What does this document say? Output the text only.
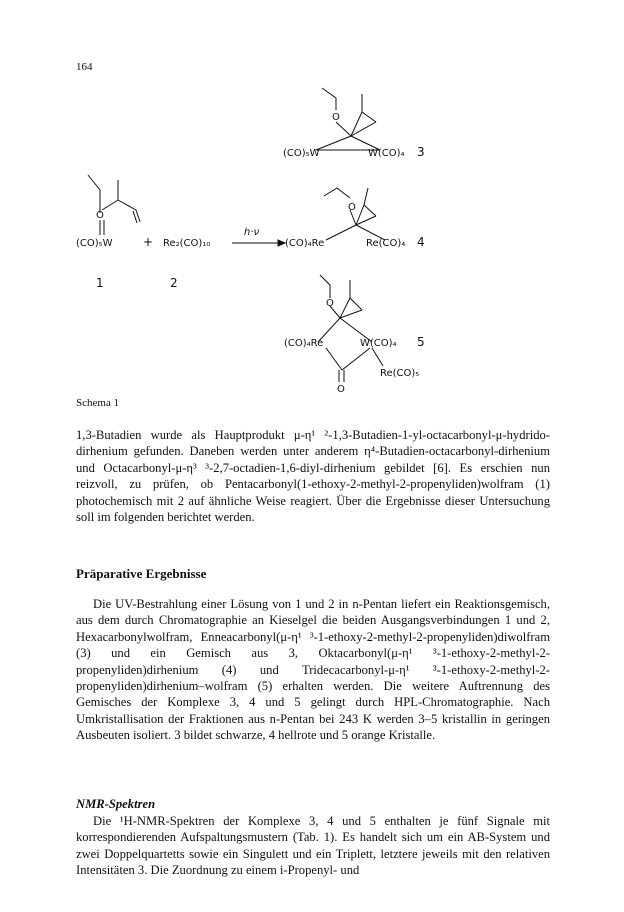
164
O
(CO)₅W
1
+ Re₂(CO)₁₀
2
h·ν
O
(CO)₅W	W(CO)₄ 3
O
(CO)₄Re	Re(CO)₄ 4
O
(CO)₄Re	W(CO)₄ 5
Re(CO)₅
O
Schema 1

1,3-Butadien wurde als Hauptprodukt μ-η¹ ²-1,3-Butadien-1-yl-octacarbonyl-μ-hydrido-dirhenium gefunden. Daneben werden unter anderem η⁴-Butadien-octacarbonyl-dirhenium und Octacarbonyl-μ-η³ ³-2,7-octadien-1,6-diyl-dirhenium gebildet [6]. Es erschien nun reizvoll, zu prüfen, ob Pentacarbonyl(1-ethoxy-2-methyl-2-propenyliden)wolfram (1) photochemisch mit 2 auf ähnliche Weise reagiert. Über die Ergebnisse dieser Untersuchung soll im folgenden berichtet werden.

Präparative Ergebnisse

Die UV-Bestrahlung einer Lösung von 1 und 2 in n-Pentan liefert ein Reaktionsgemisch, aus dem durch Chromatographie an Kieselgel die beiden Ausgangsverbindungen 1 und 2, Hexacarbonylwolfram, Enneacarbonyl(μ-η¹ ³-1-ethoxy-2-methyl-2-propenyliden)diwolfram (3) und ein Gemisch aus 3, Oktacarbonyl(μ-η¹ ³-1-ethoxy-2-methyl-2-propenyliden)dirhenium (4) und Tridecacarbonyl-μ-η¹ ³-1-ethoxy-2-methyl-2-propenyliden)dirhenium–wolfram (5) erhalten werden. Die weitere Auftrennung des Gemisches der Komplexe 3, 4 und 5 gelingt durch HPL-Chromatographie. Nach Umkristallisation der Fraktionen aus n-Pentan bei 243 K werden 3–5 kristallin in geringen Ausbeuten isoliert. 3 bildet schwarze, 4 hellrote und 5 orange Kristalle.

NMR-Spektren

Die ¹H-NMR-Spektren der Komplexe 3, 4 und 5 enthalten je fünf Signale mit korrespondierenden Aufspaltungsmustern (Tab. 1). Es handelt sich um ein AB-System und zwei Doppelquartetts sowie ein Singulett und ein Triplett, letztere jeweils mit den relativen Intensitäten 3. Die Zuordnung zu einem i-Propenyl- und
